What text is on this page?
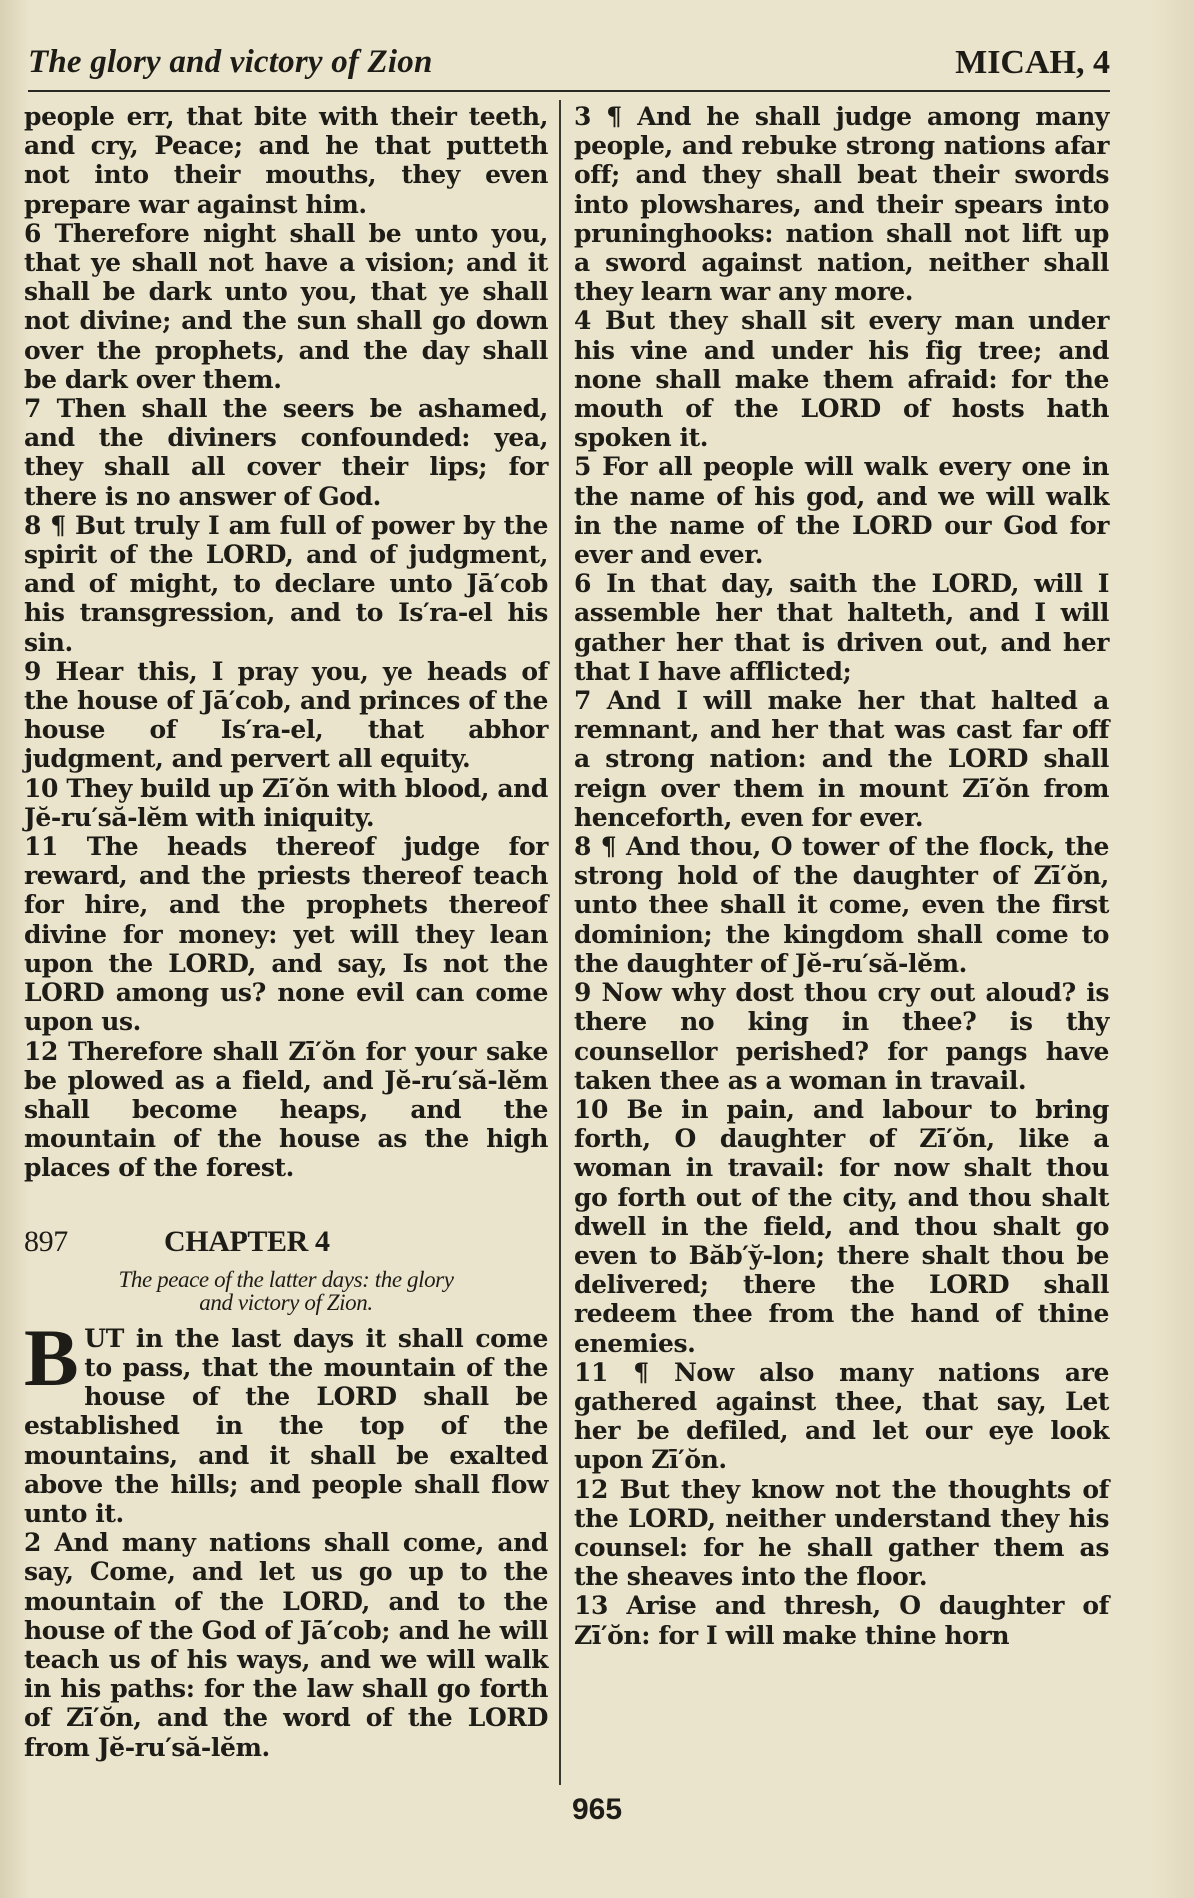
The glory and victory of Zion	MICAH, 4

people err, that bite with their teeth, and cry, Peace; and he that putteth not into their mouths, they even prepare war against him.

6 Therefore night shall be unto you, that ye shall not have a vision; and it shall be dark unto you, that ye shall not divine; and the sun shall go down over the prophets, and the day shall be dark over them.

7 Then shall the seers be ashamed, and the diviners confounded: yea, they shall all cover their lips; for there is no answer of God.

8 ¶ But truly I am full of power by the spirit of the LORD, and of judgment, and of might, to declare unto Jā′cob his transgression, and to Is′ra-el his sin.

9 Hear this, I pray you, ye heads of the house of Jā′cob, and princes of the house of Is′ra-el, that abhor judgment, and pervert all equity.

10 They build up Zī′ŏn with blood, and Jĕ-ru′să-lĕm with iniquity.

11 The heads thereof judge for reward, and the priests thereof teach for hire, and the prophets thereof divine for money: yet will they lean upon the LORD, and say, Is not the LORD among us? none evil can come upon us.

12 Therefore shall Zī′ŏn for your sake be plowed as a field, and Jĕ-ru′să-lĕm shall become heaps, and the mountain of the house as the high places of the forest.

897	CHAPTER 4
The peace of the latter days: the glory
and victory of Zion.

BUT in the last days it shall come to pass, that the mountain of the house of the LORD shall be established in the top of the mountains, and it shall be exalted above the hills; and people shall flow unto it.

2 And many nations shall come, and say, Come, and let us go up to the mountain of the LORD, and to the house of the God of Jā′cob; and he will teach us of his ways, and we will walk in his paths: for the law shall go forth of Zī′ŏn, and the word of the LORD from Jĕ-ru′să-lĕm.

3 ¶ And he shall judge among many people, and rebuke strong nations afar off; and they shall beat their swords into plowshares, and their spears into pruninghooks: nation shall not lift up a sword against nation, neither shall they learn war any more.

4 But they shall sit every man under his vine and under his fig tree; and none shall make them afraid: for the mouth of the LORD of hosts hath spoken it.

5 For all people will walk every one in the name of his god, and we will walk in the name of the LORD our God for ever and ever.

6 In that day, saith the LORD, will I assemble her that halteth, and I will gather her that is driven out, and her that I have afflicted;

7 And I will make her that halted a remnant, and her that was cast far off a strong nation: and the LORD shall reign over them in mount Zī′ŏn from henceforth, even for ever.

8 ¶ And thou, O tower of the flock, the strong hold of the daughter of Zī′ŏn, unto thee shall it come, even the first dominion; the kingdom shall come to the daughter of Jĕ-ru′să-lĕm.

9 Now why dost thou cry out aloud? is there no king in thee? is thy counsellor perished? for pangs have taken thee as a woman in travail.

10 Be in pain, and labour to bring forth, O daughter of Zī′ŏn, like a woman in travail: for now shalt thou go forth out of the city, and thou shalt dwell in the field, and thou shalt go even to Băb′y̆-lon; there shalt thou be delivered; there the LORD shall redeem thee from the hand of thine enemies.

11 ¶ Now also many nations are gathered against thee, that say, Let her be defiled, and let our eye look upon Zī′ŏn.

12 But they know not the thoughts of the LORD, neither understand they his counsel: for he shall gather them as the sheaves into the floor.

13 Arise and thresh, O daughter of Zī′ŏn: for I will make thine horn

965
